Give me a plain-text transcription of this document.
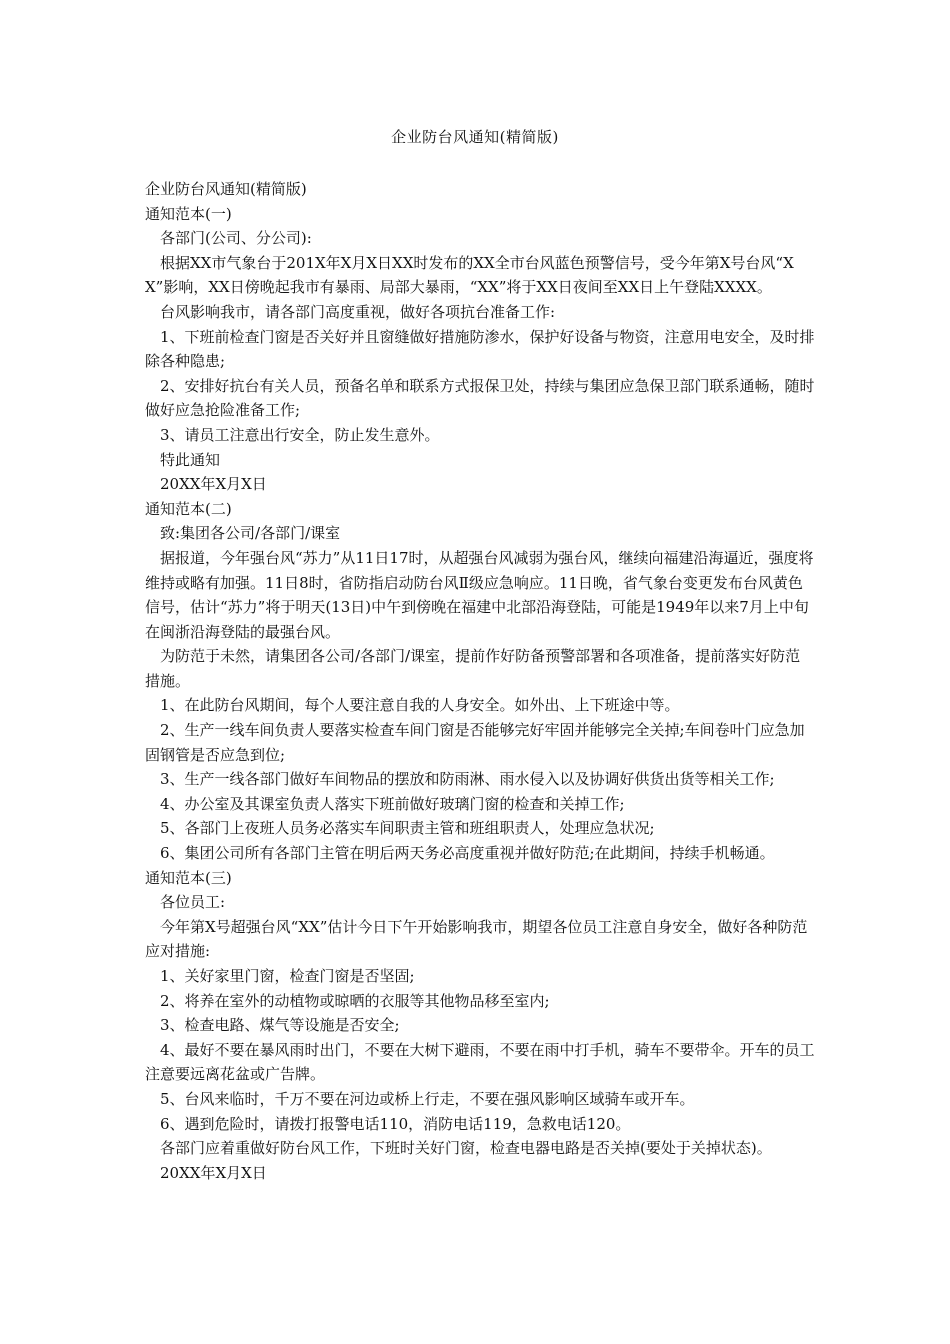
企业防台风通知(精简版)

企业防台风通知(精简版)

通知范本(一)

各部门(公司、分公司):

根据XX市气象台于201X年X月X日XX时发布的XX全市台风蓝色预警信号，受今年第X号台风“XX”影响，XX日傍晚起我市有暴雨、局部大暴雨，“XX”将于XX日夜间至XX日上午登陆XXXX。

台风影响我市，请各部门高度重视，做好各项抗台准备工作:

1、下班前检查门窗是否关好并且窗缝做好措施防渗水，保护好设备与物资，注意用电安全，及时排除各种隐患;

2、安排好抗台有关人员，预备名单和联系方式报保卫处，持续与集团应急保卫部门联系通畅，随时做好应急抢险准备工作;

3、请员工注意出行安全，防止发生意外。

特此通知

20XX年X月X日

通知范本(二)

致:集团各公司/各部门/课室

据报道，今年强台风“苏力”从11日17时，从超强台风减弱为强台风，继续向福建沿海逼近，强度将维持或略有加强。11日8时，省防指启动防台风Ⅱ级应急响应。11日晚，省气象台变更发布台风黄色信号，估计“苏力”将于明天(13日)中午到傍晚在福建中北部沿海登陆，可能是1949年以来7月上中旬在闽浙沿海登陆的最强台风。

为防范于未然，请集团各公司/各部门/课室，提前作好防备预警部署和各项准备，提前落实好防范措施。

1、在此防台风期间，每个人要注意自我的人身安全。如外出、上下班途中等。

2、生产一线车间负责人要落实检查车间门窗是否能够完好牢固并能够完全关掉;车间卷叶门应急加固钢管是否应急到位;

3、生产一线各部门做好车间物品的摆放和防雨淋、雨水侵入以及协调好供货出货等相关工作;

4、办公室及其课室负责人落实下班前做好玻璃门窗的检查和关掉工作;

5、各部门上夜班人员务必落实车间职责主管和班组职责人，处理应急状况;

6、集团公司所有各部门主管在明后两天务必高度重视并做好防范;在此期间，持续手机畅通。

通知范本(三)

各位员工:

今年第X号超强台风“XX”估计今日下午开始影响我市，期望各位员工注意自身安全，做好各种防范应对措施:

1、关好家里门窗，检查门窗是否坚固;

2、将养在室外的动植物或晾晒的衣服等其他物品移至室内;

3、检查电路、煤气等设施是否安全;

4、最好不要在暴风雨时出门，不要在大树下避雨，不要在雨中打手机，骑车不要带伞。开车的员工注意要远离花盆或广告牌。

5、台风来临时，千万不要在河边或桥上行走，不要在强风影响区域骑车或开车。

6、遇到危险时，请拨打报警电话110，消防电话119，急救电话120。

各部门应着重做好防台风工作，下班时关好门窗，检查电器电路是否关掉(要处于关掉状态)。

20XX年X月X日
